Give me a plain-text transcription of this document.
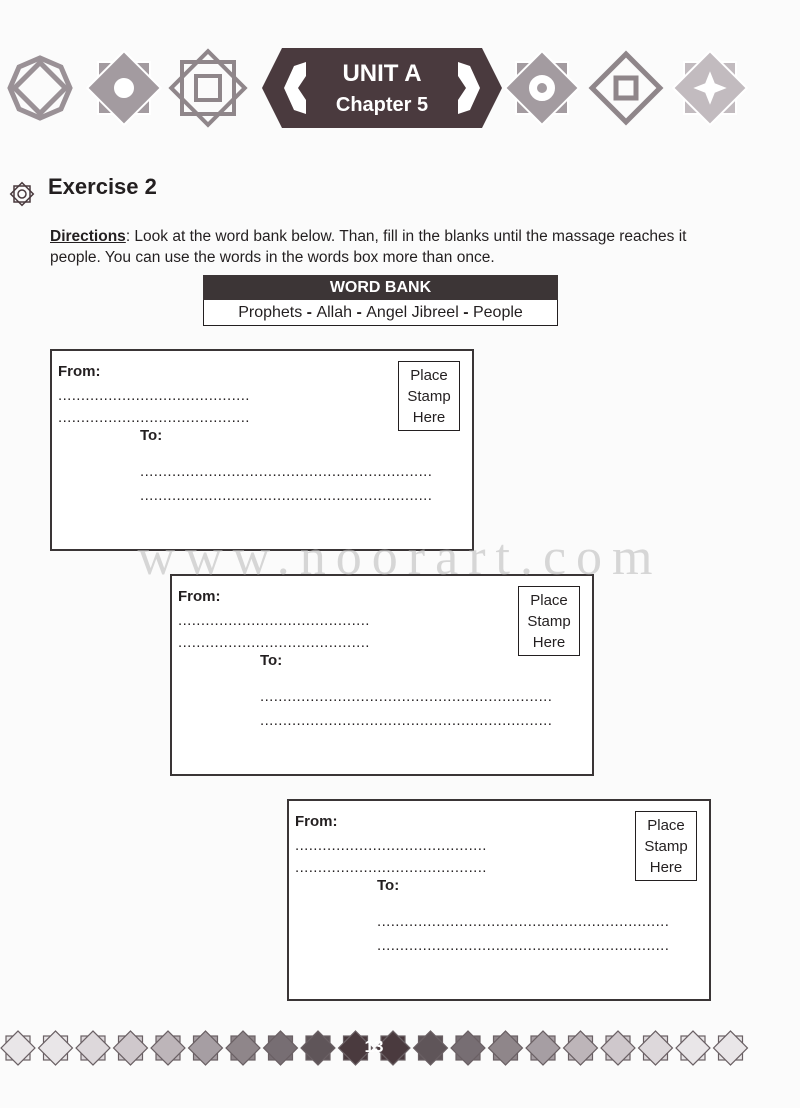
UNIT A
Chapter 5
Exercise 2
Directions: Look at the word bank below. Than, fill in the blanks until the massage reaches it people. You can use the words in the words box more than once.
WORD BANK
Prophets - Allah - Angel Jibreel - People
From:
..........................................
..........................................
To:
................................................................
................................................................
Place
Stamp
Here
From:
..........................................
..........................................
To:
................................................................
................................................................
Place
Stamp
Here
From:
..........................................
..........................................
To:
................................................................
................................................................
Place
Stamp
Here
www.noorart.com
13
